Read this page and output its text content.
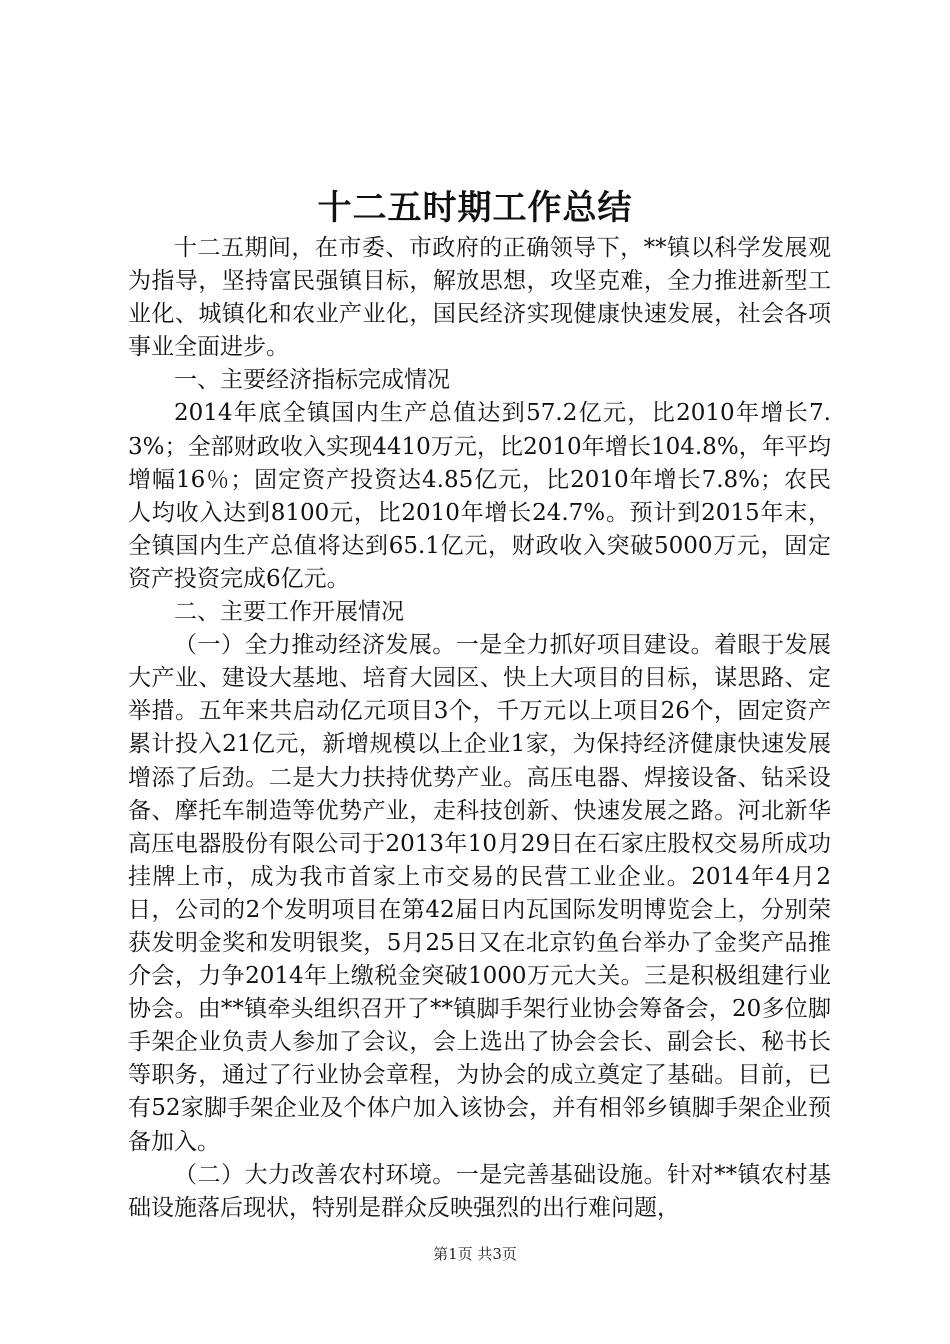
十二五时期工作总结

十二五期间，在市委、市政府的正确领导下，**镇以科学发展观为指导，坚持富民强镇目标，解放思想，攻坚克难，全力推进新型工业化、城镇化和农业产业化，国民经济实现健康快速发展，社会各项事业全面进步。

一、主要经济指标完成情况

2014年底全镇国内生产总值达到57.2亿元，比2010年增长7.3%；全部财政收入实现4410万元，比2010年增长104.8%，年平均增幅16％；固定资产投资达4.85亿元，比2010年增长7.8%；农民人均收入达到8100元，比2010年增长24.7%。预计到2015年末，全镇国内生产总值将达到65.1亿元，财政收入突破5000万元，固定资产投资完成6亿元。

二、主要工作开展情况

（一）全力推动经济发展。一是全力抓好项目建设。着眼于发展大产业、建设大基地、培育大园区、快上大项目的目标，谋思路、定举措。五年来共启动亿元项目3个，千万元以上项目26个，固定资产累计投入21亿元，新增规模以上企业1家，为保持经济健康快速发展增添了后劲。二是大力扶持优势产业。高压电器、焊接设备、钻采设备、摩托车制造等优势产业，走科技创新、快速发展之路。河北新华高压电器股份有限公司于2013年10月29日在石家庄股权交易所成功挂牌上市，成为我市首家上市交易的民营工业企业。2014年4月2日，公司的2个发明项目在第42届日内瓦国际发明博览会上，分别荣获发明金奖和发明银奖，5月25日又在北京钓鱼台举办了金奖产品推介会，力争2014年上缴税金突破1000万元大关。三是积极组建行业协会。由**镇牵头组织召开了**镇脚手架行业协会筹备会，20多位脚手架企业负责人参加了会议，会上选出了协会会长、副会长、秘书长等职务，通过了行业协会章程，为协会的成立奠定了基础。目前，已有52家脚手架企业及个体户加入该协会，并有相邻乡镇脚手架企业预备加入。

（二）大力改善农村环境。一是完善基础设施。针对**镇农村基础设施落后现状，特别是群众反映强烈的出行难问题，

第1页 共3页
